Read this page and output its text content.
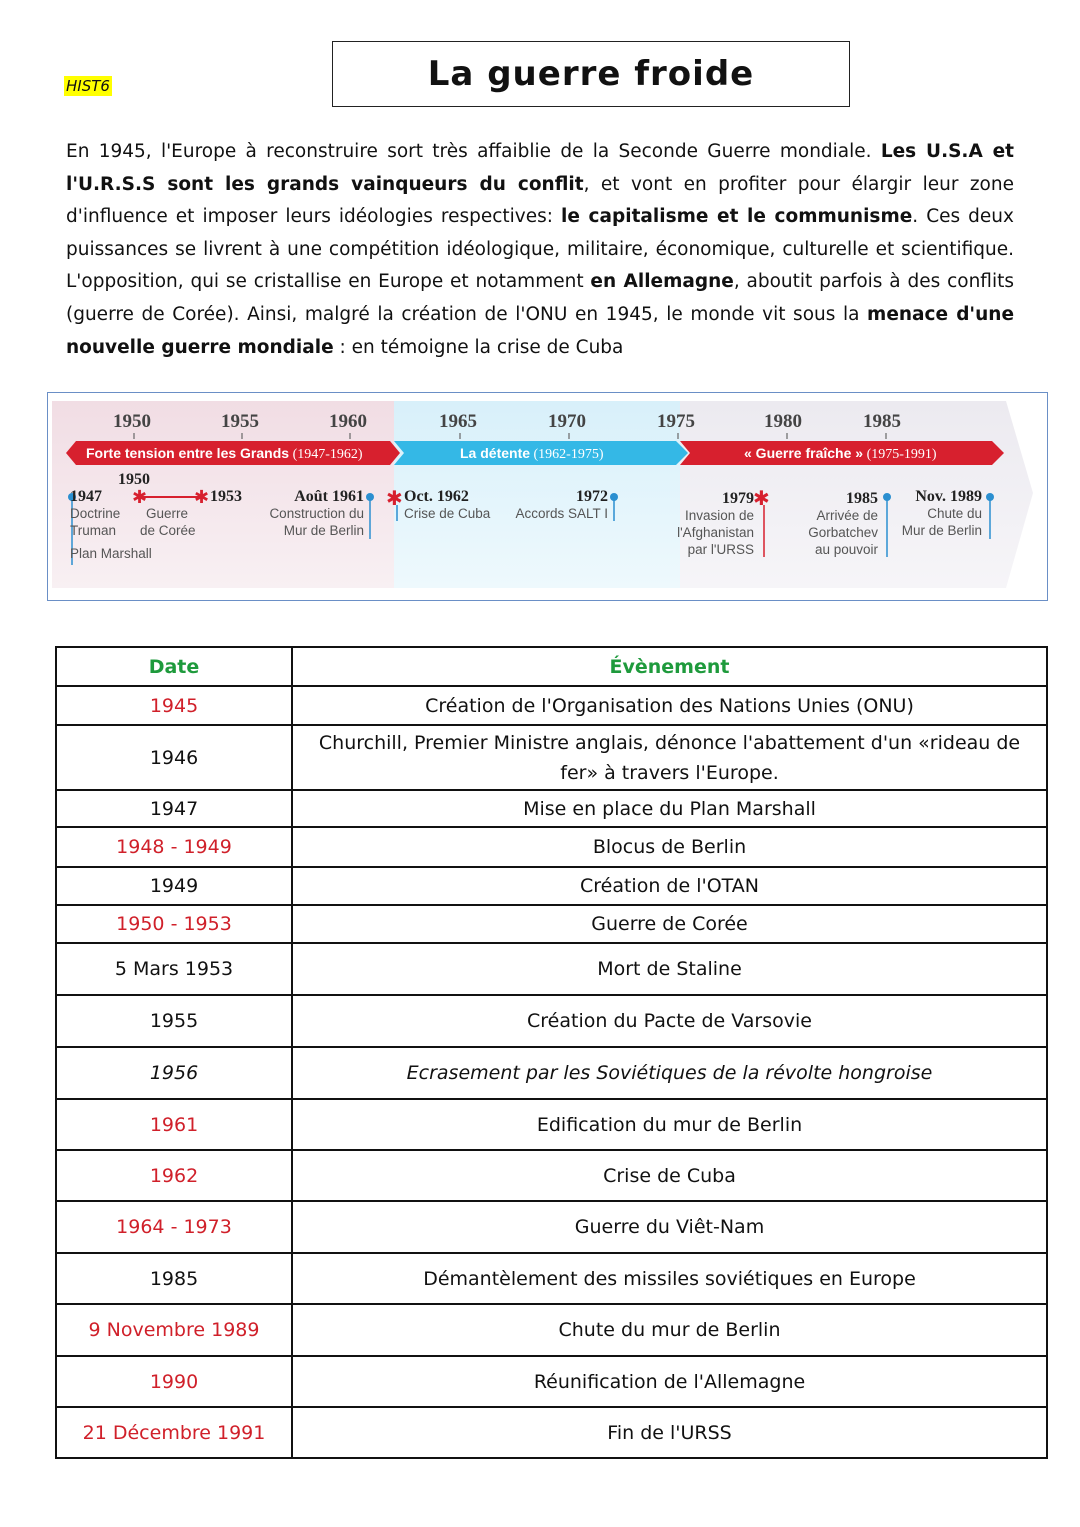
HIST6	La guerre froide
En 1945, l'Europe à reconstruire sort très affaiblie de la Seconde Guerre mondiale. Les U.S.A et l'U.R.S.S sont les grands vainqueurs du conflit, et vont en profiter pour élargir leur zone d'influence et imposer leurs idéologies respectives: le capitalisme et le communisme. Ces deux puissances se livrent à une compétition idéologique, militaire, économique, culturelle et scientifique. L'opposition, qui se cristallise en Europe et notamment en Allemagne, aboutit parfois à des conflits (guerre de Corée). Ainsi, malgré la création de l'ONU en 1945, le monde vit sous la menace d'une nouvelle guerre mondiale : en témoigne la crise de Cuba
✱	✱	✱	✱
1950	1955	1960	1965	1970	1975	1980	1985
Forte tension entre les Grands (1947-1962)	La détente (1962-1975)	« Guerre fraîche » (1975-1991)
1950
1947
Doctrine
Truman
Plan Marshall
Guerre
de Corée
1953	Août 1961
Construction du
Mur de Berlin
Oct. 1962
Crise de Cuba
1972
Accords SALT I
1979
Invasion de
l'Afghanistan
par l'URSS
1985
Arrivée de
Gorbatchev
au pouvoir
Nov. 1989
Chute du
Mur de Berlin
Date	Évènement
1945	Création de l'Organisation des Nations Unies (ONU)
1946	Churchill, Premier Ministre anglais, dénonce l'abattement d'un «rideau de fer» à travers l'Europe.
1947	Mise en place du Plan Marshall
1948 - 1949	Blocus de Berlin
1949	Création de l'OTAN
1950 - 1953	Guerre de Corée
5 Mars 1953	Mort de Staline
1955	Création du Pacte de Varsovie
1956	Ecrasement par les Soviétiques de la révolte hongroise
1961	Edification du mur de Berlin
1962	Crise de Cuba
1964 - 1973	Guerre du Viêt-Nam
1985	Démantèlement des missiles soviétiques en Europe
9 Novembre 1989	Chute du mur de Berlin
1990	Réunification de l'Allemagne
21 Décembre 1991	Fin de l'URSS
